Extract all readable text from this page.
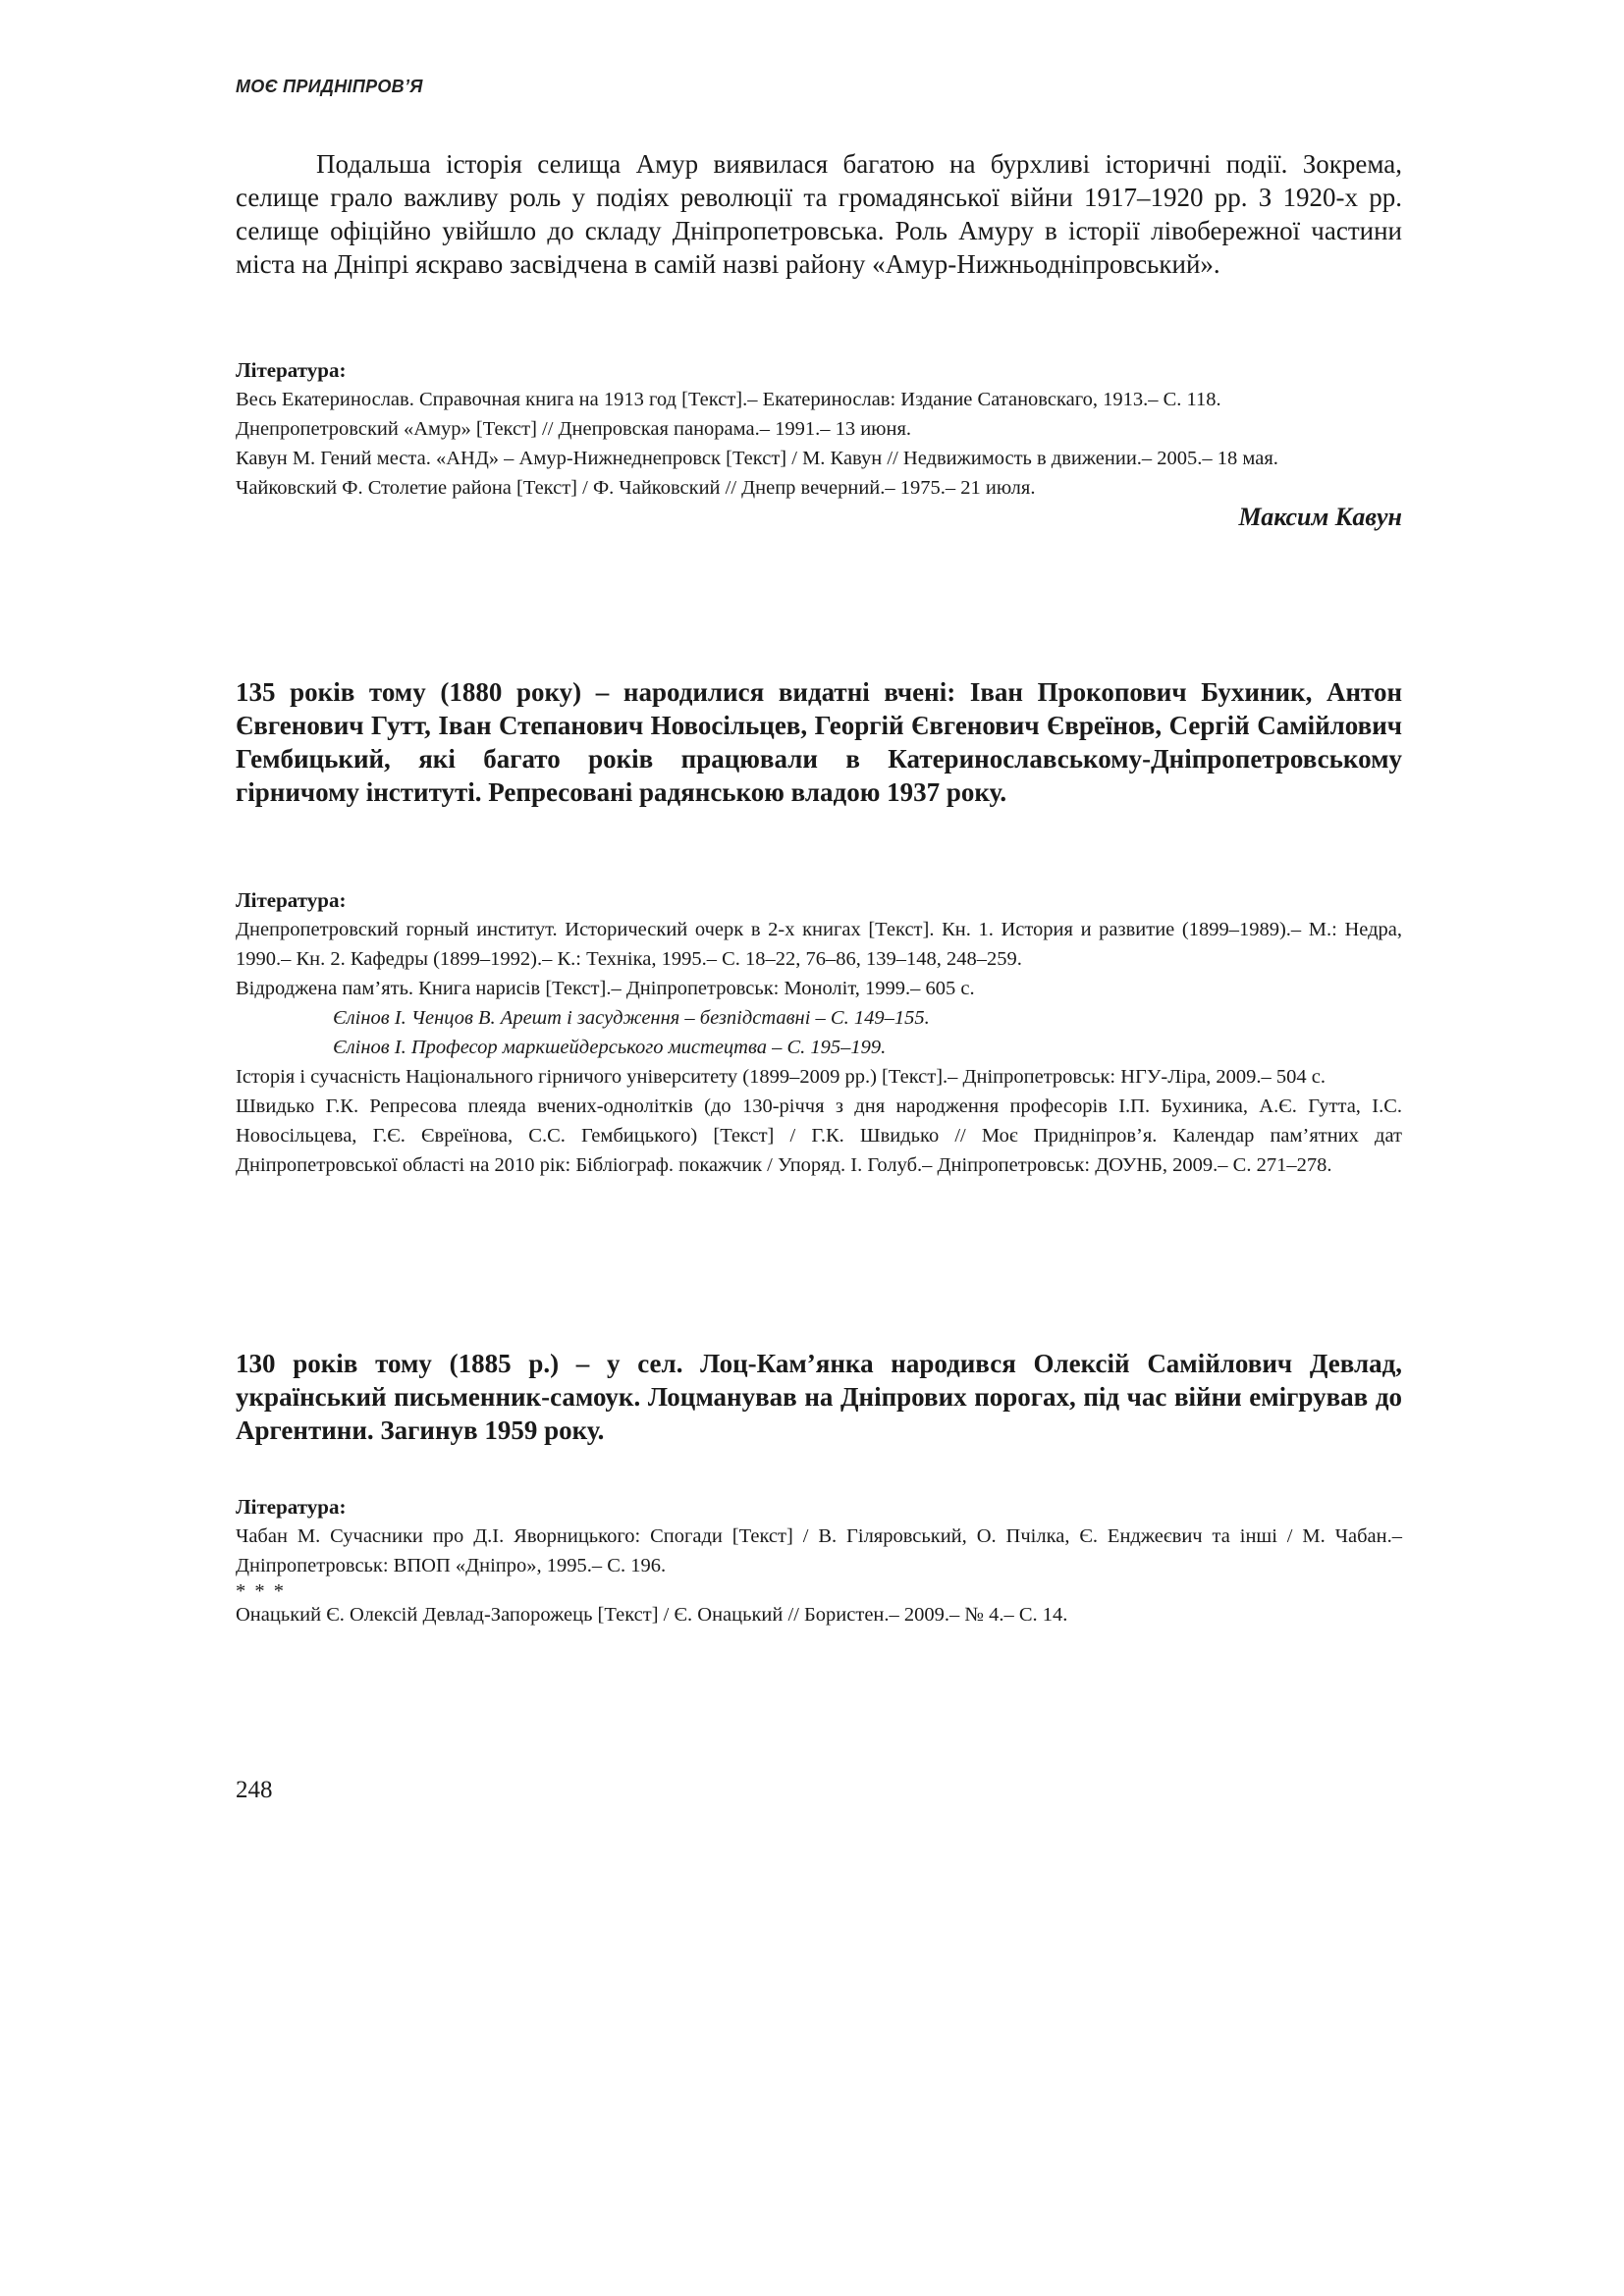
МОЄ ПРИДНІПРОВ’Я

Подальша історія селища Амур виявилася багатою на бурхливі історичні події. Зокрема, селище грало важливу роль у подіях революції та громадянської війни 1917–1920 рр. З 1920-х рр. селище офіційно увійшло до складу Дніпропетровська. Роль Амуру в історії лівобережної частини міста на Дніпрі яскраво засвідчена в самій назві району «Амур-Нижньодніпровський».

Література:

Весь Екатеринослав. Справочная книга на 1913 год [Текст].– Екатеринослав: Издание Сатановскаго, 1913.– С. 118.

Днепропетровский «Амур» [Текст] // Днепровская панорама.– 1991.– 13 июня.

Кавун М. Гений места. «АНД» – Амур-Нижнеднепровск [Текст] / М. Кавун // Недвижимость в движении.– 2005.– 18 мая.

Чайковский Ф. Столетие района [Текст] / Ф. Чайковский // Днепр вечерний.– 1975.– 21 июля.

Максим Кавун

135 років тому (1880 року) – народилися видатні вчені: Іван Прокопович Бухиник, Антон Євгенович Гутт, Іван Степанович Новосільцев, Георгій Євгенович Євреїнов, Сергій Самійлович Гембицький, які багато років працювали в Катеринославському-Дніпропетровському гірничому інституті. Репресовані радянською владою 1937 року.

Література:

Днепропетровский горный институт. Исторический очерк в 2-х книгах [Текст]. Кн. 1. История и развитие (1899–1989).– М.: Недра, 1990.– Кн. 2. Кафедры (1899–1992).– К.: Техніка, 1995.– С. 18–22, 76–86, 139–148, 248–259.

Відроджена пам’ять. Книга нарисів [Текст].– Дніпропетровськ: Моноліт, 1999.– 605 с.

Єлінов І. Ченцов В. Арешт і засудження – безпідставні – С. 149–155.

Єлінов І. Професор маркшейдерського мистецтва – С. 195–199.

Історія і сучасність Національного гірничого університету (1899–2009 рр.) [Текст].– Дніпропетровськ: НГУ-Ліра, 2009.– 504 с.

Швидько Г.К. Репресова плеяда вчених-однолітків (до 130-річчя з дня народження професорів І.П. Бухиника, А.Є. Гутта, І.С. Новосільцева, Г.Є. Євреїнова, С.С. Гембицького) [Текст] / Г.К. Швидько // Моє Придніпров’я. Календар пам’ятних дат Дніпропетровської області на 2010 рік: Бібліограф. покажчик / Упоряд. І. Голуб.– Дніпропетровськ: ДОУНБ, 2009.– С. 271–278.

130 років тому (1885 р.) – у сел. Лоц-Кам’янка народився Олексій Самійлович Девлад, український письменник-самоук. Лоцманував на Дніпрових порогах, під час війни емігрував до Аргентини. Загинув 1959 року.

Література:

Чабан М. Сучасники про Д.І. Яворницького: Спогади [Текст] / В. Гіляровський, О. Пчілка, Є. Енджеєвич та інші / М. Чабан.– Дніпропетровськ: ВПОП «Дніпро», 1995.– С. 196.

* * *

Онацький Є. Олексій Девлад-Запорожець [Текст] / Є. Онацький // Бористен.– 2009.– № 4.– С. 14.

248
